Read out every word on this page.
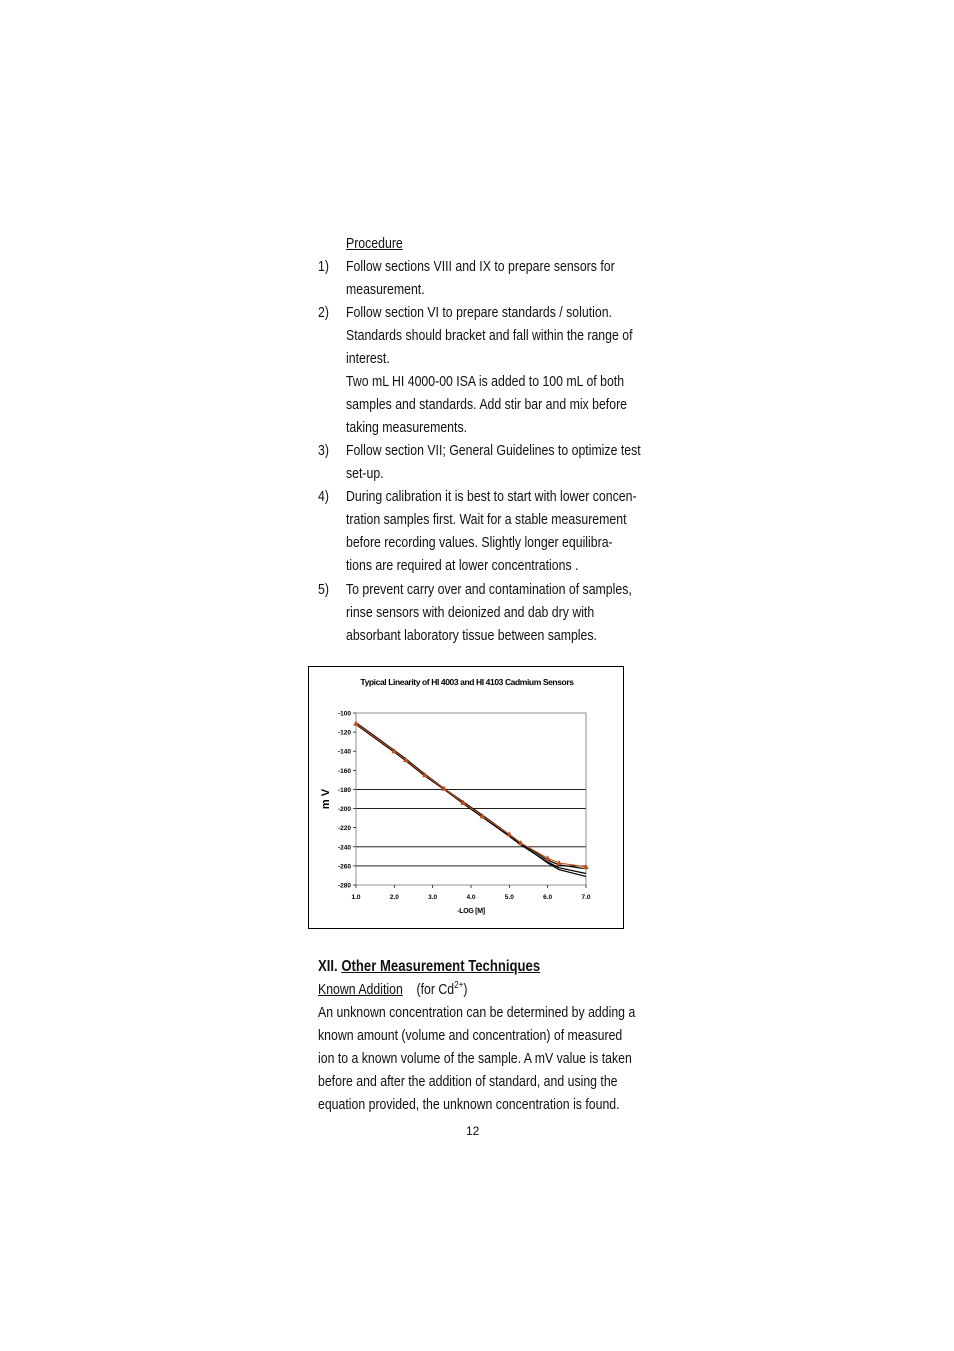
Procedure
1) Follow sections VIII and IX to prepare sensors for
measurement.
2) Follow section VI to prepare standards / solution.
Standards should bracket and fall within the range of
interest.
Two mL HI 4000-00 ISA is added to 100 mL of both
samples and standards. Add stir bar and mix before
taking measurements.
3) Follow section VII; General Guidelines to optimize test
set-up.
4) During calibration it is best to start with lower concen-
tration samples first. Wait for a stable measurement
before recording values. Slightly longer equilibra-
tions are required at lower concentrations .
5) To prevent carry over and contamination of samples,
rinse sensors with deionized and dab dry with
absorbant laboratory tissue between samples.
Typical Linearity of HI 4003 and HI 4103 Cadmium Sensors
-100
-120
-140
-160
-180
-200
-220
-240
-260
-280
1.0	2.0	3.0	4.0	5.0	6.0	7.0
m V
-LOG [M]
XII. Other Measurement Techniques
Known Addition (for $Cd^{2+}$)
An unknown concentration can be determined by adding a
known amount (volume and concentration) of measured
ion to a known volume of the sample. A mV value is taken
before and after the addition of standard, and using the
equation provided, the unknown concentration is found.
12
